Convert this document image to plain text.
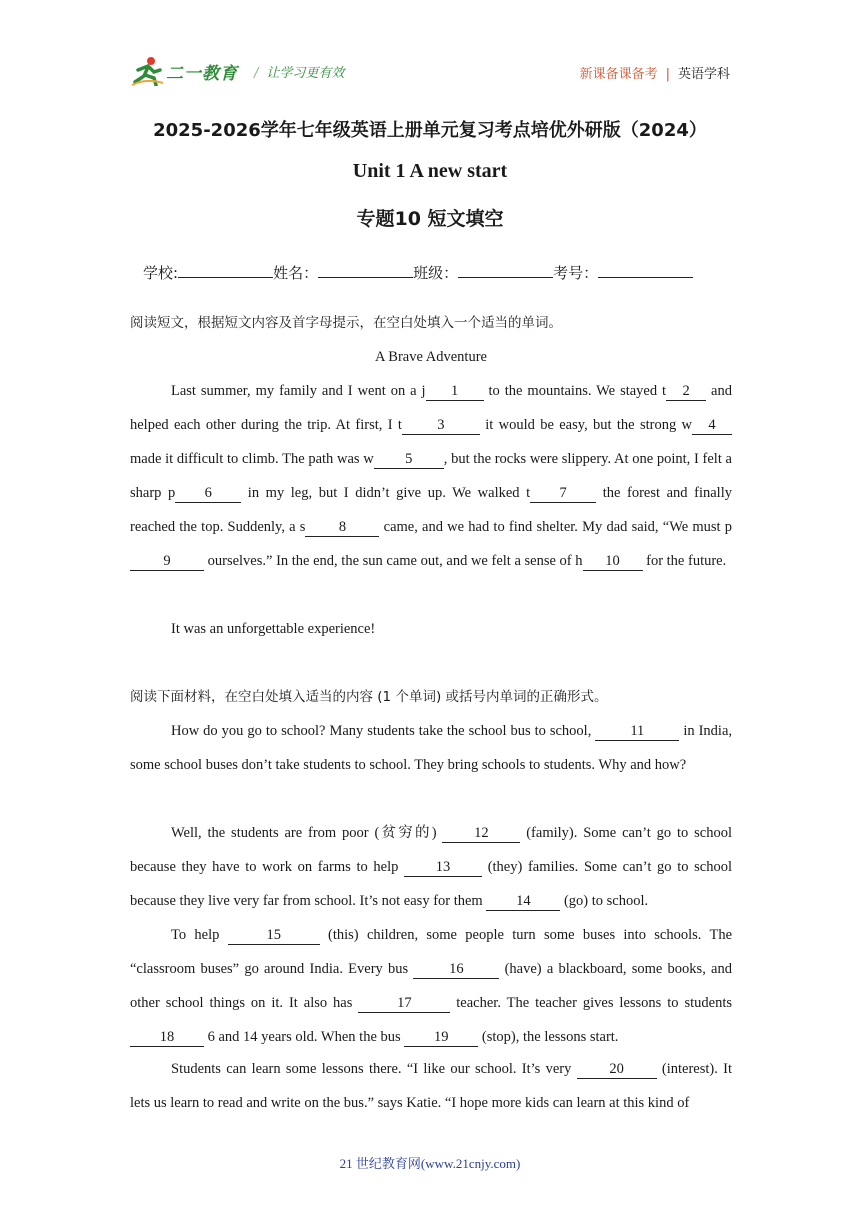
二一教育 / 让学习更有效	新课备课备考 | 英语学科
2025-2026学年七年级英语上册单元复习考点培优外研版（2024）
Unit 1 A new start
专题10 短文填空
学校:	姓名：	班级：	考号：
阅读短文，根据短文内容及首字母提示，在空白处填入一个适当的单词。
A Brave Adventure
Last summer, my family and I went on a j 1 to the mountains. We stayed t 2 and helped each other during the trip. At first, I t 3 it would be easy, but the strong w 4 made it difficult to climb. The path was w 5 , but the rocks were slippery. At one point, I felt a sharp p 6 in my leg, but I didn’t give up. We walked t 7 the forest and finally reached the top. Suddenly, a s 8 came, and we had to find shelter. My dad said, “We must p9 ourselves.” In the end, the sun came out, and we felt a sense of h 10 for the future.
It was an unforgettable experience!
阅读下面材料，在空白处填入适当的内容 (1 个单词) 或括号内单词的正确形式。
How do you go to school? Many students take the school bus to school, 11 in India, some school buses don’t take students to school. They bring schools to students. Why and how?
Well, the students are from poor (贫穷的) 12 (family). Some can’t go to school because they have to work on farms to help 13 (they) families. Some can’t go to school because they live very far from school. It’s not easy for them 14 (go) to school.
To help	15	(this) children, some people turn some buses into schools. The “classroom buses” go around India. Every bus 16 (have) a blackboard, some books, and other school things on it. It also has	17	teacher. The teacher gives lessons to students 18 6 and 14 years old. When the bus 19 (stop), the lessons start.
Students can learn some lessons there. “I like our school. It’s very 20 (interest). It lets us learn to read and write on the bus.” says Katie. “I hope more kids can learn at this kind of
21 世纪教育网(www.21cnjy.com)
